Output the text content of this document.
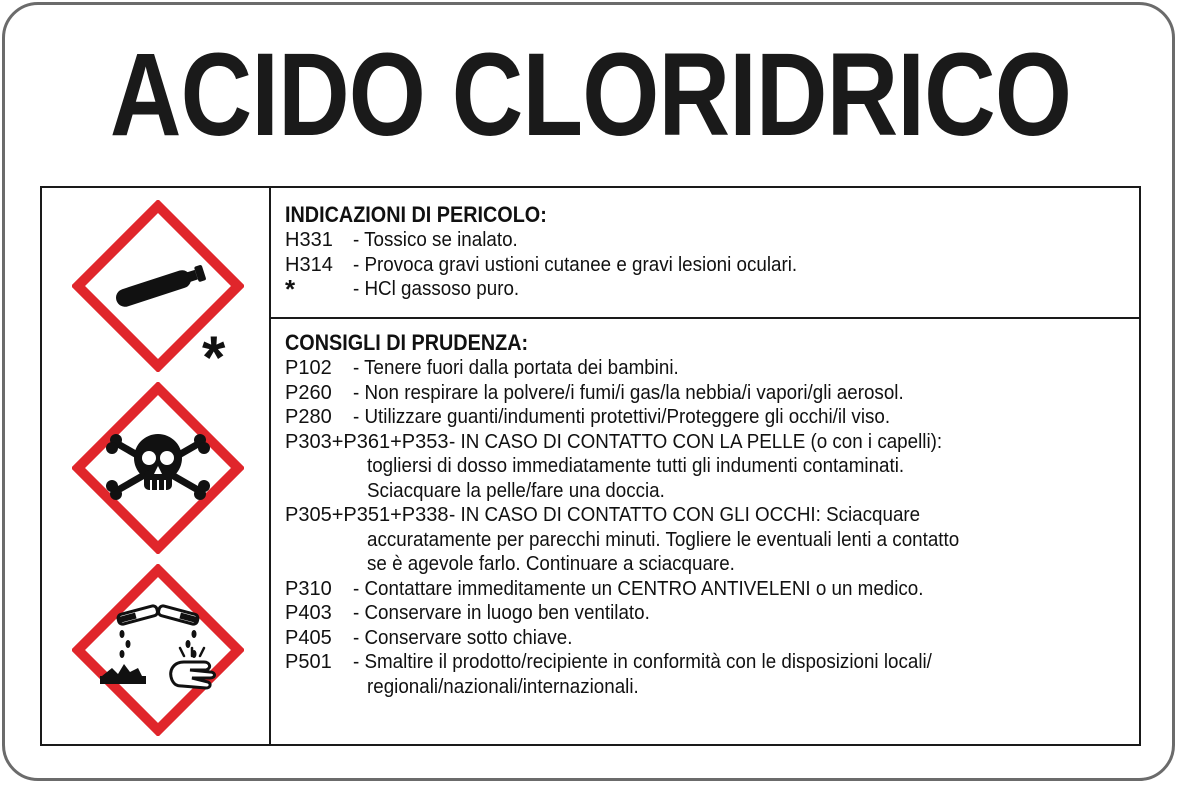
ACIDO CLORIDRICO
*
INDICAZIONI DI PERICOLO:
H331	- Tossico se inalato.
H314	- Provoca gravi ustioni cutanee e gravi lesioni oculari.
*	- HCl gassoso puro.
CONSIGLI DI PRUDENZA:
P102	- Tenere fuori dalla portata dei bambini.
P260	- Non respirare la polvere/i fumi/i gas/la nebbia/i vapori/gli aerosol.
P280	- Utilizzare guanti/indumenti protettivi/Proteggere gli occhi/il viso.
P303+P361+P353 - IN CASO DI CONTATTO CON LA PELLE (o con i capelli):
togliersi di dosso immediatamente tutti gli indumenti contaminati.
Sciacquare la pelle/fare una doccia.
P305+P351+P338 - IN CASO DI CONTATTO CON GLI OCCHI: Sciacquare
accuratamente per parecchi minuti. Togliere le eventuali lenti a contatto
se è agevole farlo. Continuare a sciacquare.
P310	- Contattare immeditamente un CENTRO ANTIVELENI o un medico.
P403	- Conservare in luogo ben ventilato.
P405	- Conservare sotto chiave.
P501	- Smaltire il prodotto/recipiente in conformità con le disposizioni locali/
regionali/nazionali/internazionali.
